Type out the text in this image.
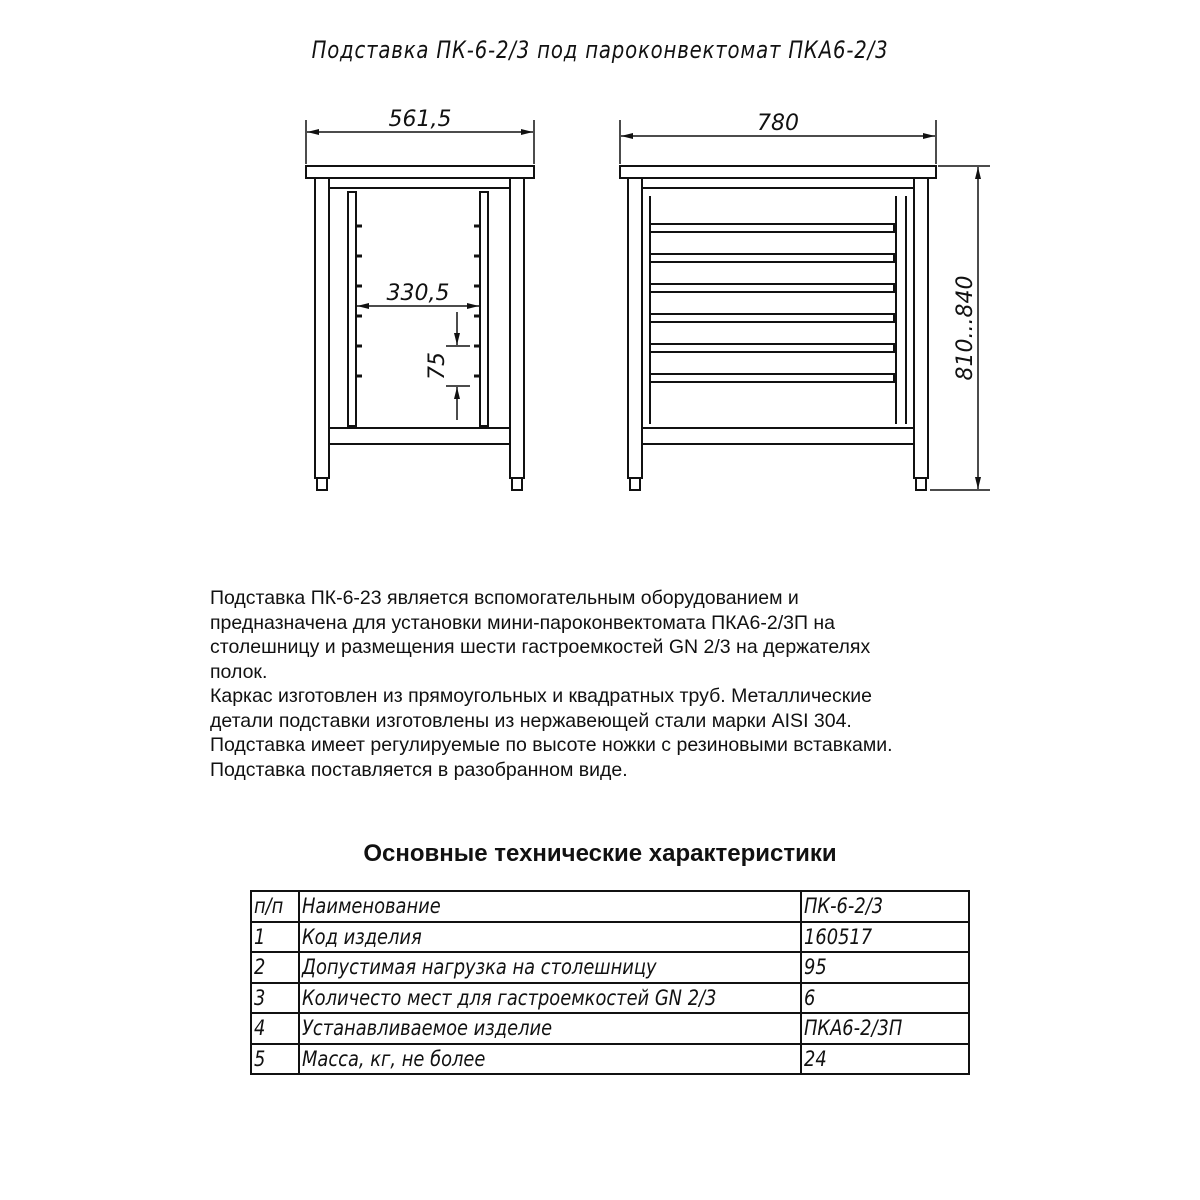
Подставка ПК-6-2/3 под пароконвектомат ПКА6-2/3
561,5
330,5
75
780
810...840

Подставка ПК-6-23 является вспомогательным оборудованием и

предназначена для установки мини-пароконвектомата ПКА6-2/3П на

столешницу и размещения шести гастроемкостей GN 2/3 на держателях

полок.

Каркас изготовлен из прямоугольных и квадратных труб. Металлические

детали подставки изготовлены из нержавеющей стали марки AISI 304.

Подставка имеет регулируемые по высоте ножки с резиновыми вставками.

Подставка поставляется в разобранном виде.

Основные технические характеристики
п/п	Наименование	ПК-6-2/3
1	Код изделия	160517
2	Допустимая нагрузка на столешницу	95
3	Количесто мест для гастроемкостей GN 2/3	6
4	Устанавливаемое изделие	ПКА6-2/3П
5	Масса, кг, не более	24
